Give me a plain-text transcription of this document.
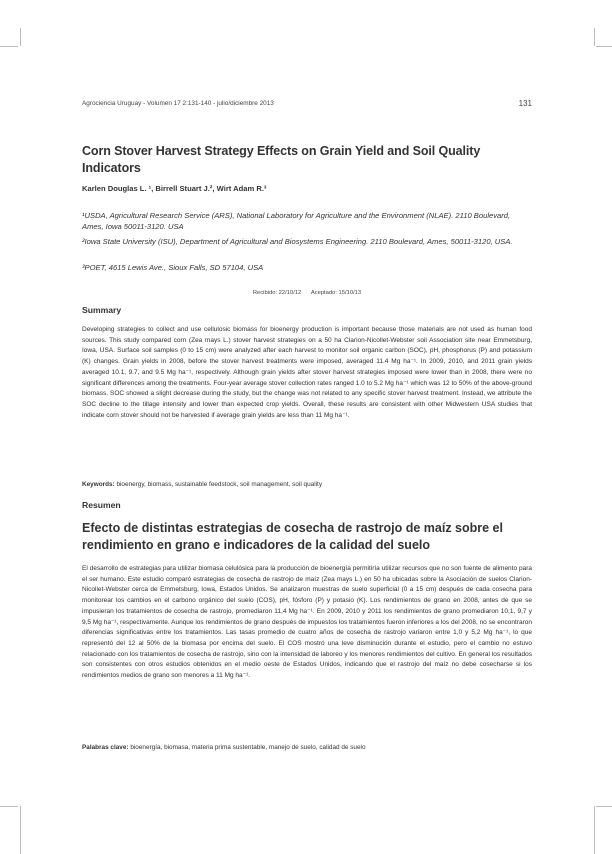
Agrociencia Uruguay - Volumen 17 2:131-140 - julio/diciembre 2013	131
Corn Stover Harvest Strategy Effects on Grain Yield and Soil Quality Indicators
Karlen Douglas L. ¹, Birrell Stuart J.², Wirt Adam R.³
¹USDA, Agricultural Research Service (ARS), National Laboratory for Agriculture and the Environment (NLAE). 2110 Boulevard, Ames, Iowa 50011-3120. USA
²Iowa State University (ISU), Department of Agricultural and Biosystems Engineering. 2110 Boulevard, Ames, 50011-3120, USA.
³POET, 4615 Lewis Ave., Sioux Falls, SD 57104, USA
Recibido: 22/10/12 Aceptado: 15/10/13
Summary

Developing strategies to collect and use cellulosic biomass for bioenergy production is important because those materials are not used as human food sources. This study compared corn (Zea mays L.) stover harvest strategies on a 50 ha Clarion-Nicollet-Webster soil Association site near Emmetsburg, Iowa, USA. Surface soil samples (0 to 15 cm) were analyzed after each harvest to monitor soil organic carbon (SOC), pH, phosphorus (P) and potassium (K) changes. Grain yields in 2008, before the stover harvest treatments were imposed, averaged 11.4 Mg ha⁻¹. In 2009, 2010, and 2011 grain yields averaged 10.1, 9.7, and 9.5 Mg ha⁻¹, respectively. Although grain yields after stover harvest strategies imposed were lower than in 2008, there were no significant differences among the treatments. Four-year average stover collection rates ranged 1.0 to 5.2 Mg ha⁻¹ which was 12 to 50% of the above-ground biomass. SOC showed a slight decrease during the study, but the change was not related to any specific stover harvest treatment. Instead, we attribute the SOC decline to the tillage intensity and lower than expected crop yields. Overall, these results are consistent with other Midwestern USA studies that indicate corn stover should not be harvested if average grain yields are less than 11 Mg ha⁻¹.

Keywords: bioenergy, biomass, sustainable feedstock, soil management, soil quality
Resumen
Efecto de distintas estrategias de cosecha de rastrojo de maíz sobre el rendimiento en grano e indicadores de la calidad del suelo

El desarrollo de estrategias para utilizar biomasa celulósica para la producción de bioenergía permitiría utilizar recursos que no son fuente de alimento para el ser humano. Este estudio comparó estrategias de cosecha de rastrojo de maíz (Zea mays L.) en 50 ha ubicadas sobre la Asociación de suelos Clarion-Nicollet-Webster cerca de Emmetsburg, Iowa, Estados Unidos. Se analizaron muestras de suelo superficial (0 a 15 cm) después de cada cosecha para monitorear los cambios en el carbono orgánico del suelo (COS), pH, fósforo (P) y potasio (K). Los rendimientos de grano en 2008, antes de que se impusieran los tratamientos de cosecha de rastrojo, promediaron 11,4 Mg ha⁻¹. En 2009, 2010 y 2011 los rendimientos de grano promediaron 10,1, 9,7 y 9,5 Mg ha⁻¹, respectivamente. Aunque los rendimientos de grano después de impuestos los tratamientos fueron inferiores a los del 2008, no se encontraron diferencias significativas entre los tratamientos. Las tasas promedio de cuatro años de cosecha de rastrojo variaron entre 1,0 y 5,2 Mg ha⁻¹, lo que representó del 12 al 50% de la biomasa por encima del suelo. El COS mostró una leve disminución durante el estudio, pero el cambio no estuvo relacionado con los tratamientos de cosecha de rastrojo, sino con la intensidad de laboreo y los menores rendimientos del cultivo. En general los resultados son consistentes con otros estudios obtenidos en el medio oeste de Estados Unidos, indicando que el rastrojo del maíz no debe cosecharse si los rendimientos medios de grano son menores a 11 Mg ha⁻¹.

Palabras clave: bioenergía, biomasa, materia prima sustentable, manejo de suelo, calidad de suelo
